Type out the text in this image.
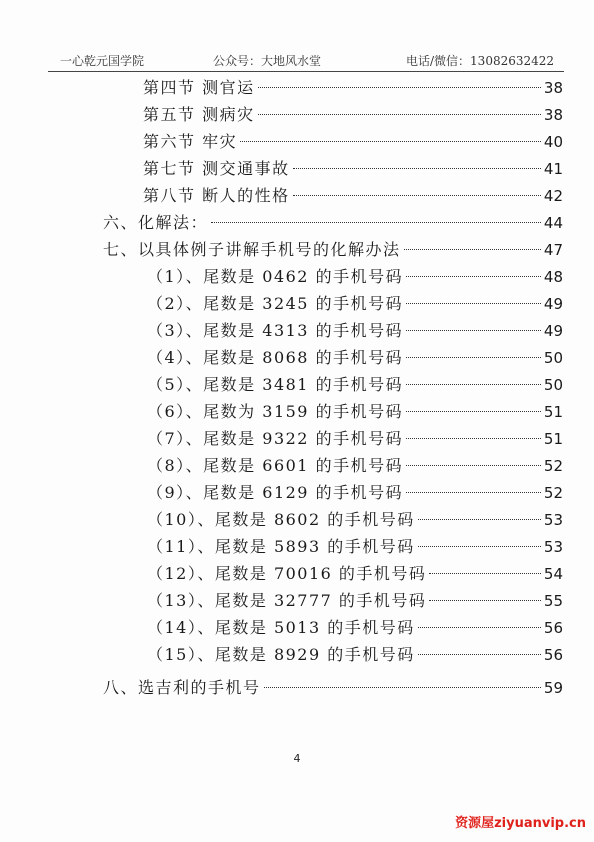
一心乾元国学院	公众号：大地风水堂	电话/微信：13082632422
第四节 测官运	38
第五节 测病灾	38
第六节 牢灾	40
第七节 测交通事故	41
第八节 断人的性格	42
六、化解法：	44
七、以具体例子讲解手机号的化解办法	47
（1）、尾数是 0462 的手机号码	48
（2）、尾数是 3245 的手机号码	49
（3）、尾数是 4313 的手机号码	49
（4）、尾数是 8068 的手机号码	50
（5）、尾数是 3481 的手机号码	50
（6）、尾数为 3159 的手机号码	51
（7）、尾数是 9322 的手机号码	51
（8）、尾数是 6601 的手机号码	52
（9）、尾数是 6129 的手机号码	52
（10）、尾数是 8602 的手机号码	53
（11）、尾数是 5893 的手机号码	53
（12）、尾数是 70016 的手机号码	54
（13）、尾数是 32777 的手机号码	55
（14）、尾数是 5013 的手机号码	56
（15）、尾数是 8929 的手机号码	56
八、选吉利的手机号	59
4
资源屋ziyuanvip.cn
